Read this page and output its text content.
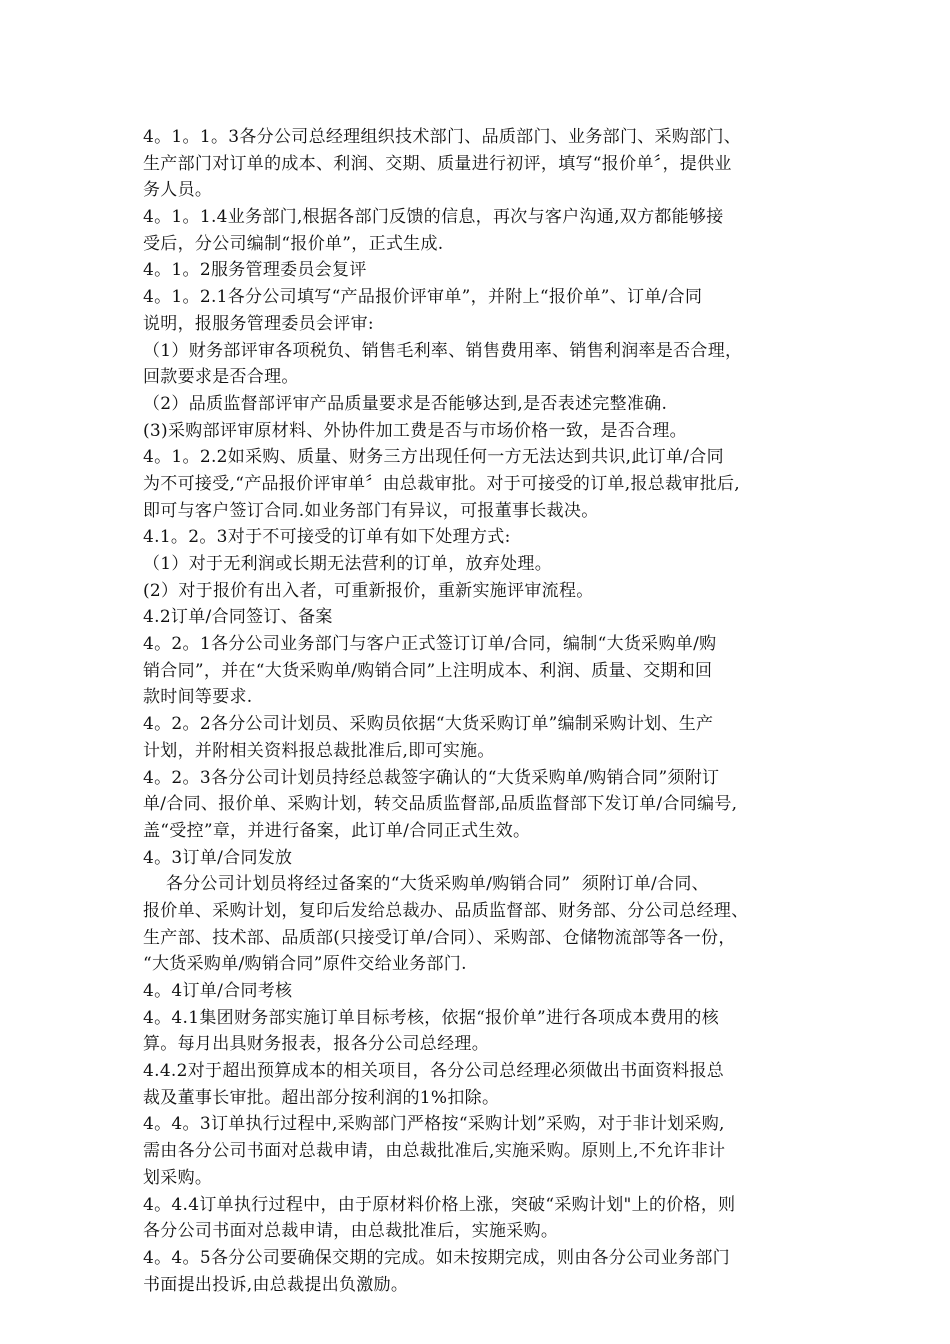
4。1。1。3各分公司总经理组织技术部门、品质部门、业务部门、采购部门、
生产部门对订单的成本、利润、交期、质量进行初评，填写“报价单〞，提供业
务人员。
4。1。1.4业务部门,根据各部门反馈的信息，再次与客户沟通,双方都能够接
受后，分公司编制“报价单”，正式生成.
4。1。2服务管理委员会复评
4。1。2.1各分公司填写“产品报价评审单”，并附上“报价单”、订单/合同
说明，报服务管理委员会评审:
（1）财务部评审各项税负、销售毛利率、销售费用率、销售利润率是否合理，
回款要求是否合理。
（2）品质监督部评审产品质量要求是否能够达到,是否表述完整准确.
(3)采购部评审原材料、外协件加工费是否与市场价格一致，是否合理。
4。1。2.2如采购、质量、财务三方出现任何一方无法达到共识,此订单/合同
为不可接受,“产品报价评审单〞由总裁审批。对于可接受的订单,报总裁审批后,
即可与客户签订合同.如业务部门有异议，可报董事长裁决。
4.1。2。3对于不可接受的订单有如下处理方式:
（1）对于无利润或长期无法营利的订单，放弃处理。
(2）对于报价有出入者，可重新报价，重新实施评审流程。
4.2订单/合同签订、备案
4。2。1各分公司业务部门与客户正式签订订单/合同，编制“大货采购单/购
销合同”，并在“大货采购单/购销合同”上注明成本、利润、质量、交期和回
款时间等要求.
4。2。2各分公司计划员、采购员依据“大货采购订单”编制采购计划、生产
计划，并附相关资料报总裁批准后,即可实施。
4。2。3各分公司计划员持经总裁签字确认的“大货采购单/购销合同”须附订
单/合同、报价单、采购计划，转交品质监督部,品质监督部下发订单/合同编号,
盖“受控”章，并进行备案，此订单/合同正式生效。
4。3订单/合同发放
各分公司计划员将经过备案的“大货采购单/购销合同”  须附订单/合同、
报价单、采购计划，复印后发给总裁办、品质监督部、财务部、分公司总经理、
生产部、技术部、品质部(只接受订单/合同）、采购部、仓储物流部等各一份，
“大货采购单/购销合同”原件交给业务部门.
4。4订单/合同考核
4。4.1集团财务部实施订单目标考核，依据“报价单”进行各项成本费用的核
算。每月出具财务报表，报各分公司总经理。
4.4.2对于超出预算成本的相关项目，各分公司总经理必须做出书面资料报总
裁及董事长审批。超出部分按利润的1%扣除。
4。4。3订单执行过程中,采购部门严格按“采购计划”采购，对于非计划采购,
需由各分公司书面对总裁申请，由总裁批准后,实施采购。原则上,不允许非计
划采购。
4。4.4订单执行过程中，由于原材料价格上涨，突破“采购计划"上的价格，则
各分公司书面对总裁申请，由总裁批准后，实施采购。
4。4。5各分公司要确保交期的完成。如未按期完成，则由各分公司业务部门
书面提出投诉,由总裁提出负激励。
